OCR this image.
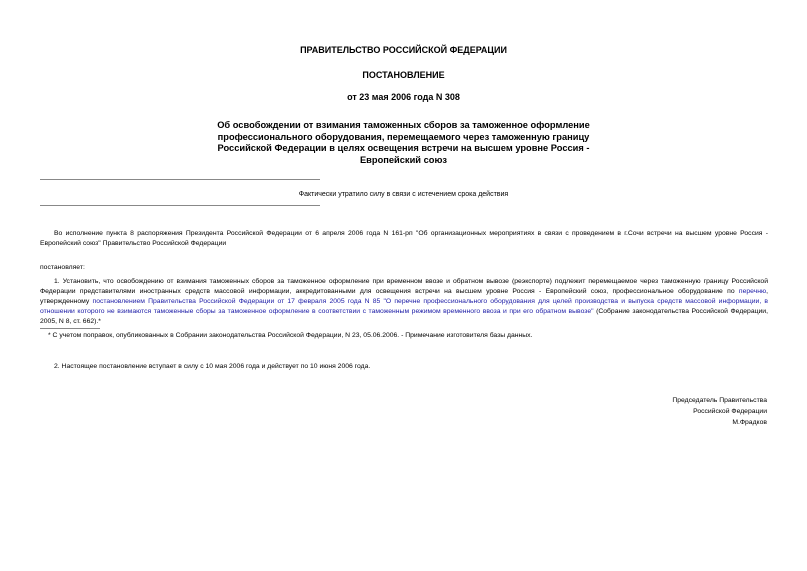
ПРАВИТЕЛЬСТВО РОССИЙСКОЙ ФЕДЕРАЦИИ
ПОСТАНОВЛЕНИЕ
от 23 мая 2006 года N 308
Об освобождении от взимания таможенных сборов за таможенное оформление профессионального оборудования, перемещаемого через таможенную границу Российской Федерации в целях освещения встречи на высшем уровне Россия - Европейский союз
Фактически утратило силу в связи с истечением срока действия
Во исполнение пункта 8 распоряжения Президента Российской Федерации от 6 апреля 2006 года N 161-рп "Об организационных мероприятиях в связи с проведением в г.Сочи встречи на высшем уровне Россия - Европейский союз" Правительство Российской Федерации
постановляет:
1. Установить, что освобождению от взимания таможенных сборов за таможенное оформление при временном ввозе и обратном вывозе (реэкспорте) подлежит перемещаемое через таможенную границу Российской Федерации представителями иностранных средств массовой информации, аккредитованными для освещения встречи на высшем уровне Россия - Европейский союз, профессиональное оборудование по перечню, утвержденному постановлением Правительства Российской Федерации от 17 февраля 2005 года N 85 "О перечне профессионального оборудования для целей производства и выпуска средств массовой информации, в отношении которого не взимаются таможенные сборы за таможенное оформление в соответствии с таможенным режимом временного ввоза и при его обратном вывозе" (Собрание законодательства Российской Федерации, 2005, N 8, ст. 662).*
* С учетом поправок, опубликованных в Собрании законодательства Российской Федерации, N 23, 05.06.2006. - Примечание изготовителя базы данных.
2. Настоящее постановление вступает в силу с 10 мая 2006 года и действует по 10 июня 2006 года.
Председатель Правительства
Российской Федерации
М.Фрадков
